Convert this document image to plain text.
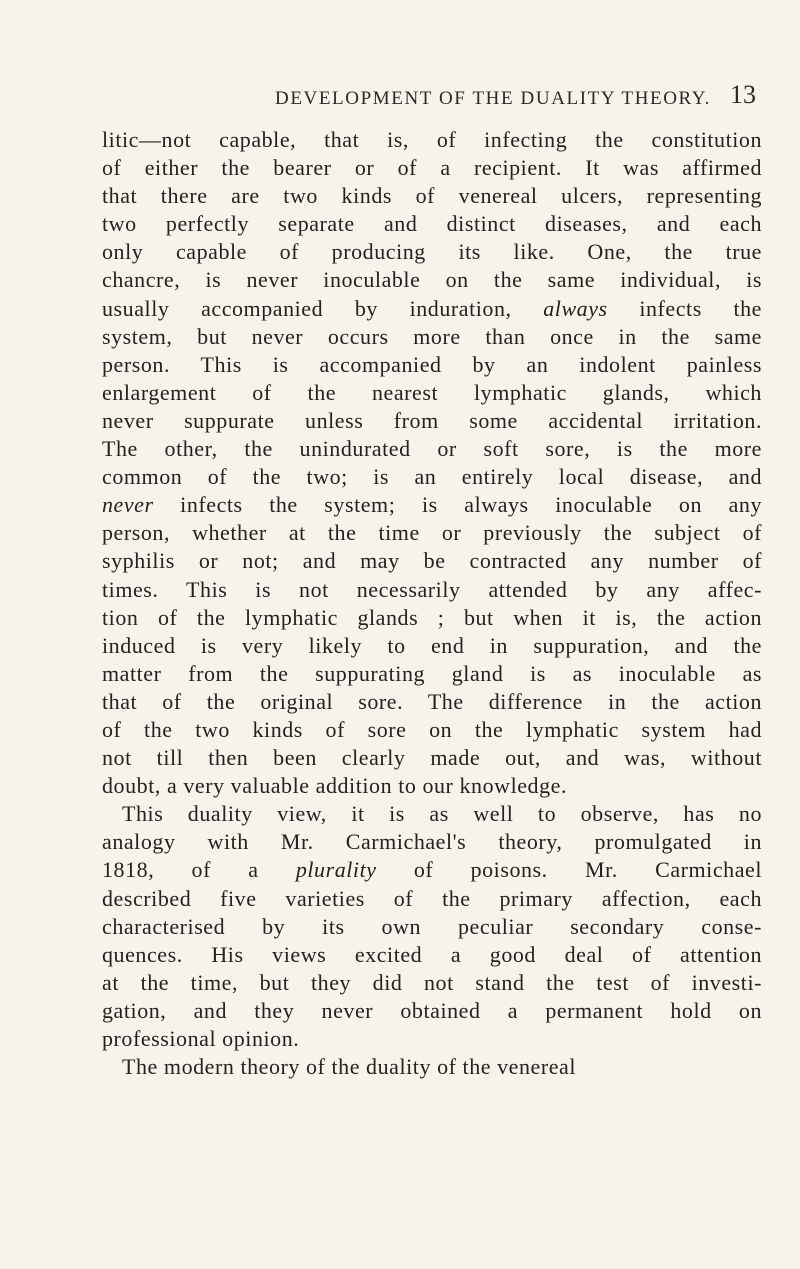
DEVELOPMENT OF THE DUALITY THEORY. 13
litic—not capable, that is, of infecting the constitution
of either the bearer or of a recipient. It was affirmed
that there are two kinds of venereal ulcers, representing
two perfectly separate and distinct diseases, and each
only capable of producing its like. One, the true
chancre, is never inoculable on the same individual, is
usually accompanied by induration, always infects the
system, but never occurs more than once in the same
person. This is accompanied by an indolent painless
enlargement of the nearest lymphatic glands, which
never suppurate unless from some accidental irritation.
The other, the unindurated or soft sore, is the more
common of the two; is an entirely local disease, and
never infects the system; is always inoculable on any
person, whether at the time or previously the subject of
syphilis or not; and may be contracted any number of
times. This is not necessarily attended by any affec-
tion of the lymphatic glands ; but when it is, the action
induced is very likely to end in suppuration, and the
matter from the suppurating gland is as inoculable as
that of the original sore. The difference in the action
of the two kinds of sore on the lymphatic system had
not till then been clearly made out, and was, without
doubt, a very valuable addition to our knowledge.
This duality view, it is as well to observe, has no
analogy with Mr. Carmichael's theory, promulgated in
1818, of a plurality of poisons. Mr. Carmichael
described five varieties of the primary affection, each
characterised by its own peculiar secondary conse-
quences. His views excited a good deal of attention
at the time, but they did not stand the test of investi-
gation, and they never obtained a permanent hold on
professional opinion.
The modern theory of the duality of the venereal
